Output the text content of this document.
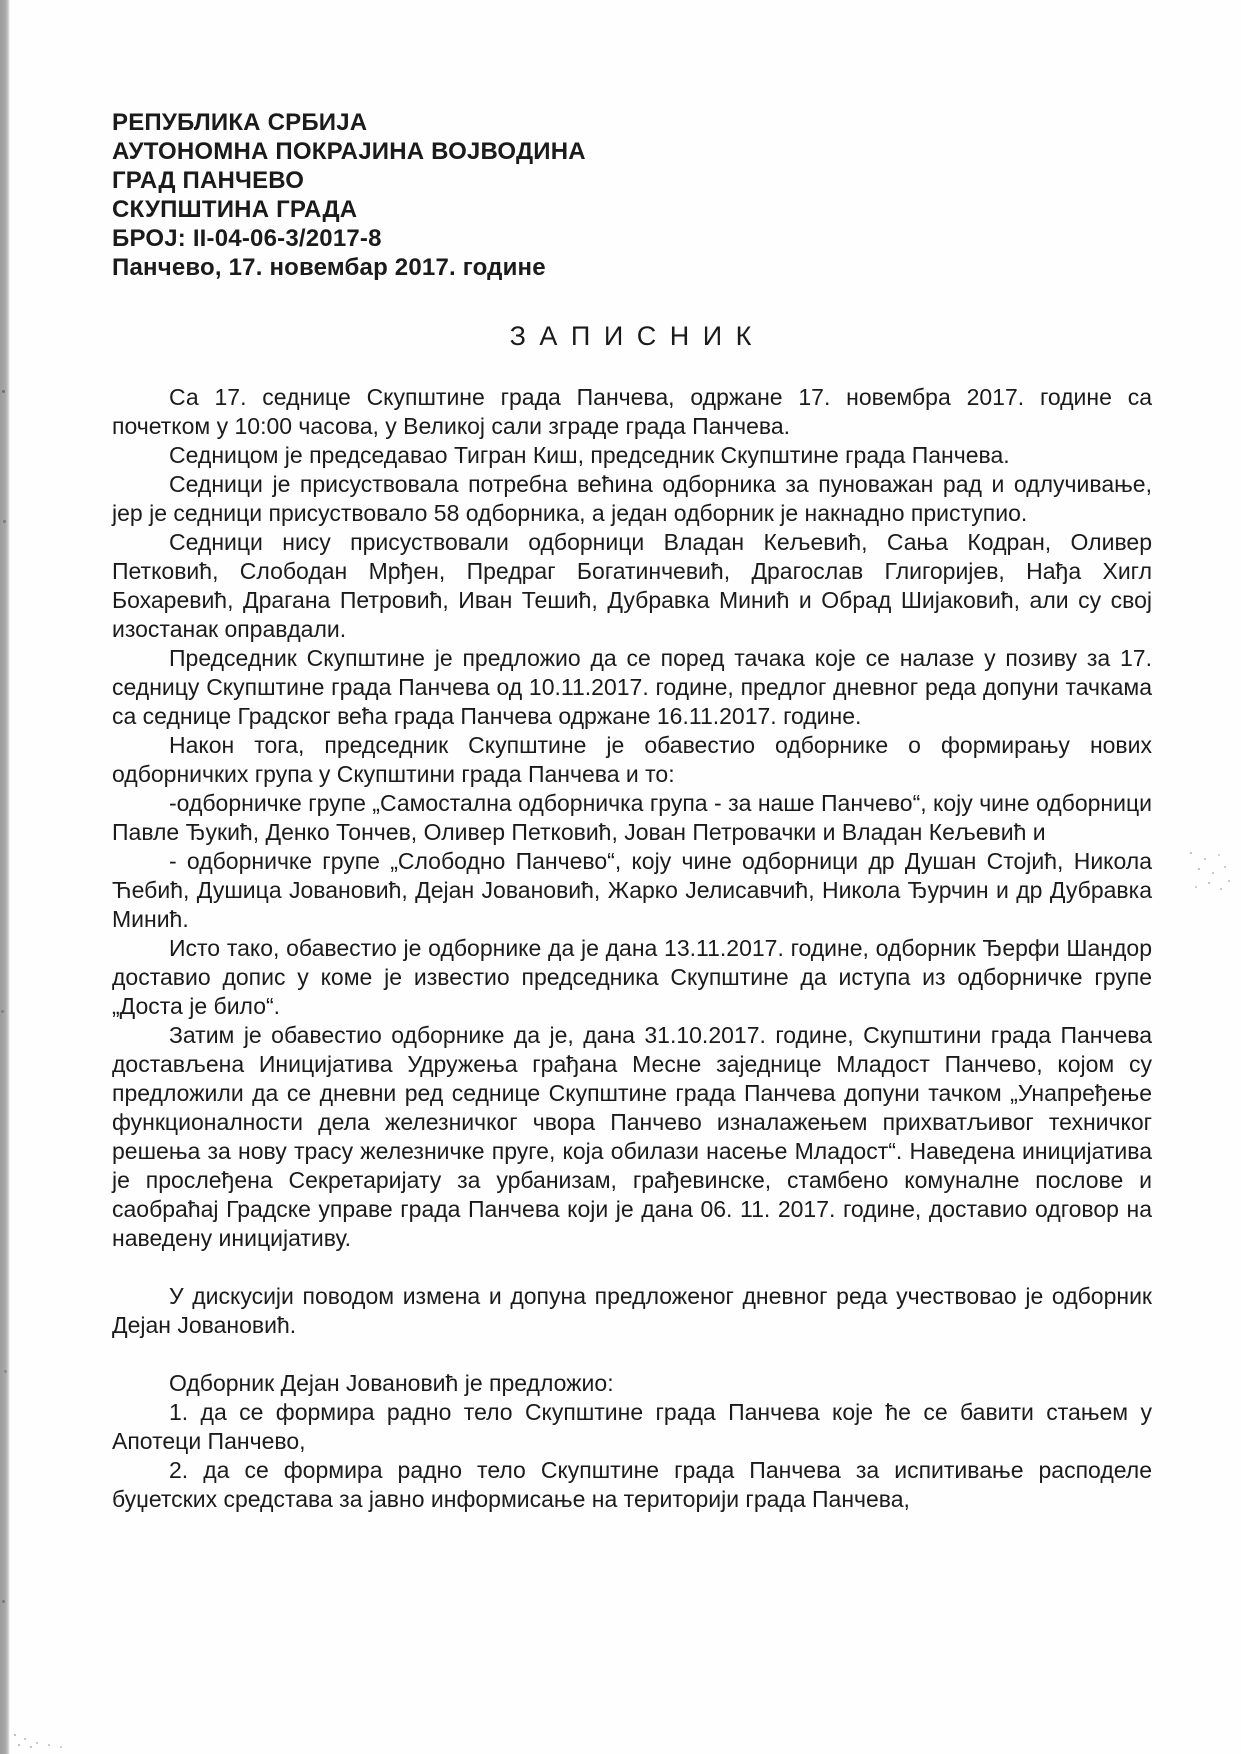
РЕПУБЛИКА СРБИЈА
АУТОНОМНА ПОКРАЈИНА ВОЈВОДИНА
ГРАД ПАНЧЕВО
СКУПШТИНА ГРАДА
БРОЈ: II-04-06-3/2017-8
Панчево, 17. новембар 2017. године
З А П И С Н И К

Са 17. седнице Скупштине града Панчева, одржане 17. новембра 2017. године са почетком у 10:00 часова, у Великој сали зграде града Панчева.

Седницом је председавао Тигран Киш, председник Скупштине града Панчева.

Седници је присуствовала потребна већина одборника за пуноважан рад и одлучивање, јер је седници присуствовало 58 одборника, а један одборник је накнадно приступио.

Седници нису присуствовали одборници Владан Кељевић, Сања Кодран, Оливер Петковић, Слободан Мрђен, Предраг Богатинчевић, Драгослав Глигоријев, Нађа Хигл Бохаревић, Драгана Петровић, Иван Тешић, Дубравка Минић и Обрад Шијаковић, али су свој изостанак оправдали.

Председник Скупштине је предложио да се поред тачака које се налазе у позиву за 17. седницу Скупштине града Панчева од 10.11.2017. године, предлог дневног реда допуни тачкама са седнице Градског већа града Панчева одржане 16.11.2017. године.

Након тога, председник Скупштине је обавестио одборнике о формирању нових одборничких група у Скупштини града Панчева и то:

-одборничке групе „Самостална одборничка група - за наше Панчево“, коју чине одборници Павле Ђукић, Денко Тончев, Оливер Петковић, Јован Петровачки и Владан Кељевић и

- одборничке групе „Слободно Панчево“, коју чине одборници др Душан Стојић, Никола Ћебић, Душица Јовановић, Дејан Јовановић, Жарко Јелисавчић, Никола Ђурчин и др Дубравка Минић.

Исто тако, обавестио је одборнике да је дана 13.11.2017. године, одборник Ђерфи Шандор доставио допис у коме је известио председника Скупштине да иступа из одборничке групе „Доста је било“.

Затим је обавестио одборнике да је, дана 31.10.2017. године, Скупштини града Панчева достављена Иницијатива Удружења грађана Месне заједнице Младост Панчево, којом су предложили да се дневни ред седнице Скупштине града Панчева допуни тачком „Унапређење функционалности дела железничког чвора Панчево изналажењем прихватљивог техничког решења за нову трасу железничке пруге, која обилази насење Младост“. Наведена иницијатива је прослеђена Секретаријату за урбанизам, грађевинске, стамбено комуналне послове и саобраћај Градске управе града Панчева који је дана 06. 11. 2017. године, доставио одговор на наведену иницијативу.

У дискусији поводом измена и допуна предложеног дневног реда учествовао је одборник Дејан Јовановић.

Одборник Дејан Јовановић је предложио:

1. да се формира радно тело Скупштине града Панчева које ће се бавити стањем у Апотеци Панчево,

2. да се формира радно тело Скупштине града Панчева за испитивање расподеле буџетских средстава за јавно информисање на територији града Панчева,
